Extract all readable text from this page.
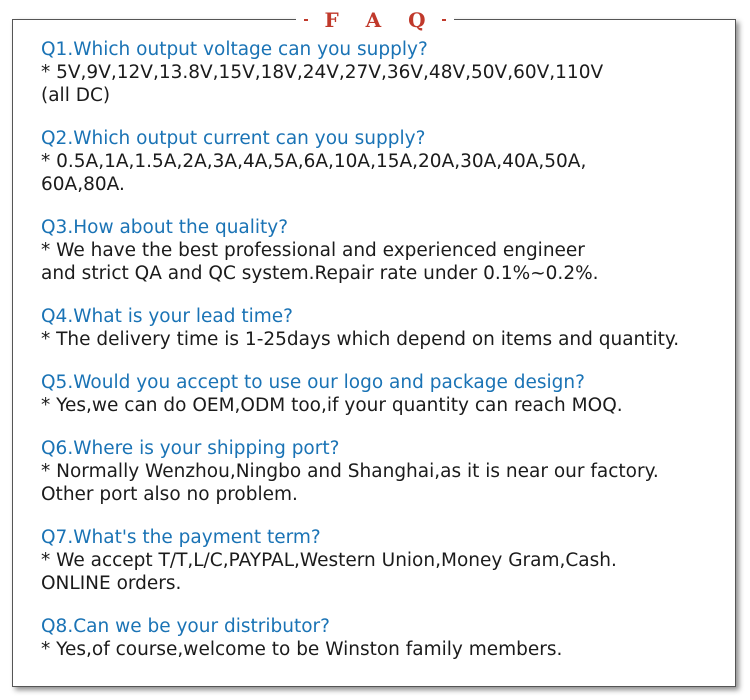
F A Q
Q1.Which output voltage can you supply?
* 5V,9V,12V,13.8V,15V,18V,24V,27V,36V,48V,50V,60V,110V
(all DC)
Q2.Which output current can you supply?
* 0.5A,1A,1.5A,2A,3A,4A,5A,6A,10A,15A,20A,30A,40A,50A,
60A,80A.
Q3.How about the quality?
* We have the best professional and experienced engineer
and strict QA and QC system.Repair rate under 0.1%~0.2%.
Q4.What is your lead time?
* The delivery time is 1-25days which depend on items and quantity.
Q5.Would you accept to use our logo and package design?
* Yes,we can do OEM,ODM too,if your quantity can reach MOQ.
Q6.Where is your shipping port?
* Normally Wenzhou,Ningbo and Shanghai,as it is near our factory.
Other port also no problem.
Q7.What's the payment term?
* We accept T/T,L/C,PAYPAL,Western Union,Money Gram,Cash.
ONLINE orders.
Q8.Can we be your distributor?
* Yes,of course,welcome to be Winston family members.
